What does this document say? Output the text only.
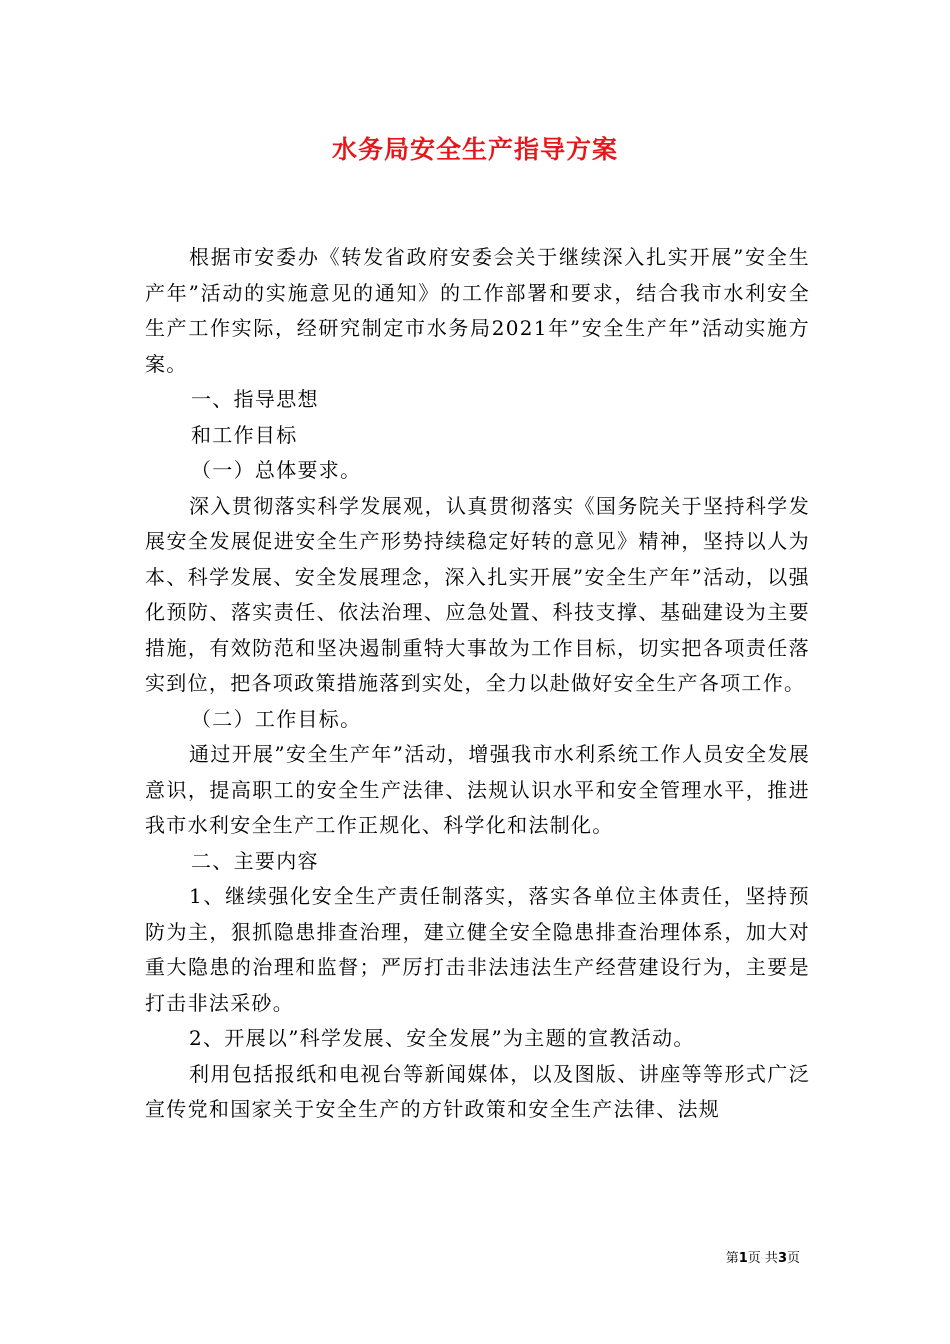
水务局安全生产指导方案

根据市安委办《转发省政府安委会关于继续深入扎实开展”安全生产年”活动的实施意见的通知》的工作部署和要求，结合我市水利安全生产工作实际，经研究制定市水务局2021年”安全生产年”活动实施方案。

一、指导思想

和工作目标

（一）总体要求。

深入贯彻落实科学发展观，认真贯彻落实《国务院关于坚持科学发展安全发展促进安全生产形势持续稳定好转的意见》精神，坚持以人为本、科学发展、安全发展理念，深入扎实开展”安全生产年”活动，以强化预防、落实责任、依法治理、应急处置、科技支撑、基础建设为主要措施，有效防范和坚决遏制重特大事故为工作目标，切实把各项责任落实到位，把各项政策措施落到实处，全力以赴做好安全生产各项工作。

（二）工作目标。

通过开展”安全生产年”活动，增强我市水利系统工作人员安全发展意识，提高职工的安全生产法律、法规认识水平和安全管理水平，推进我市水利安全生产工作正规化、科学化和法制化。

二、主要内容

1、继续强化安全生产责任制落实，落实各单位主体责任，坚持预防为主，狠抓隐患排查治理，建立健全安全隐患排查治理体系，加大对重大隐患的治理和监督；严厉打击非法违法生产经营建设行为，主要是打击非法采砂。

2、开展以”科学发展、安全发展”为主题的宣教活动。

利用包括报纸和电视台等新闻媒体，以及图版、讲座等等形式广泛宣传党和国家关于安全生产的方针政策和安全生产法律、法规

第1页 共3页
